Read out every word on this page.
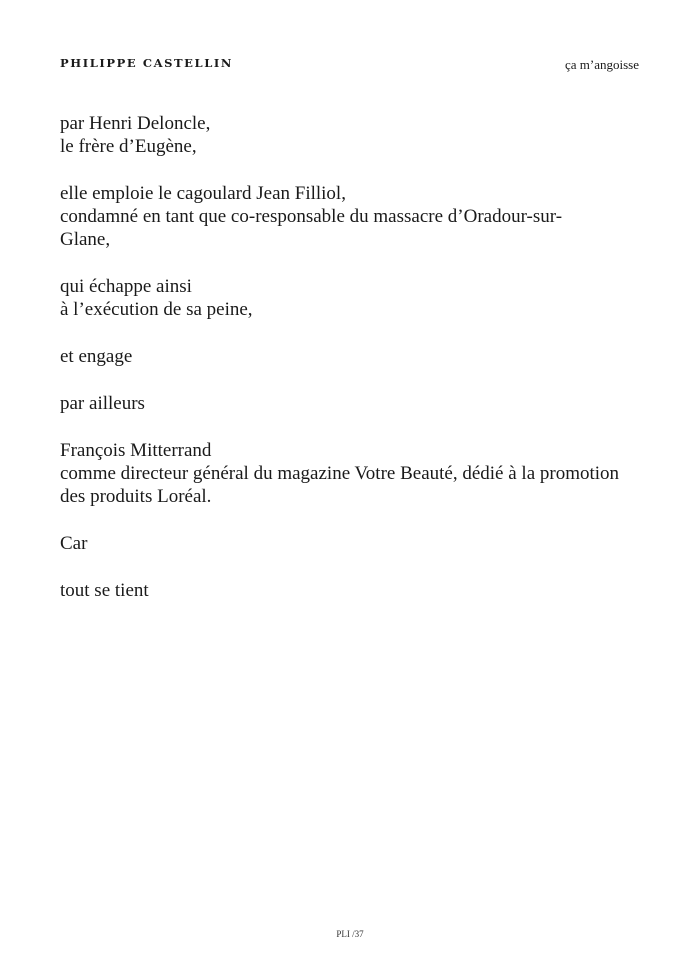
PHILIPPE CASTELLIN	ça m’angoisse
par Henri Deloncle,
le frère d’Eugène,
elle emploie le cagoulard Jean Filliol,
condamné en tant que co-responsable du massacre d’Oradour-sur-
Glane,
qui échappe ainsi
à l’exécution de sa peine,
et engage
par ailleurs
François Mitterrand
comme directeur général du magazine Votre Beauté, dédié à la promotion
des produits Loréal.
Car
tout se tient
PLI /37
